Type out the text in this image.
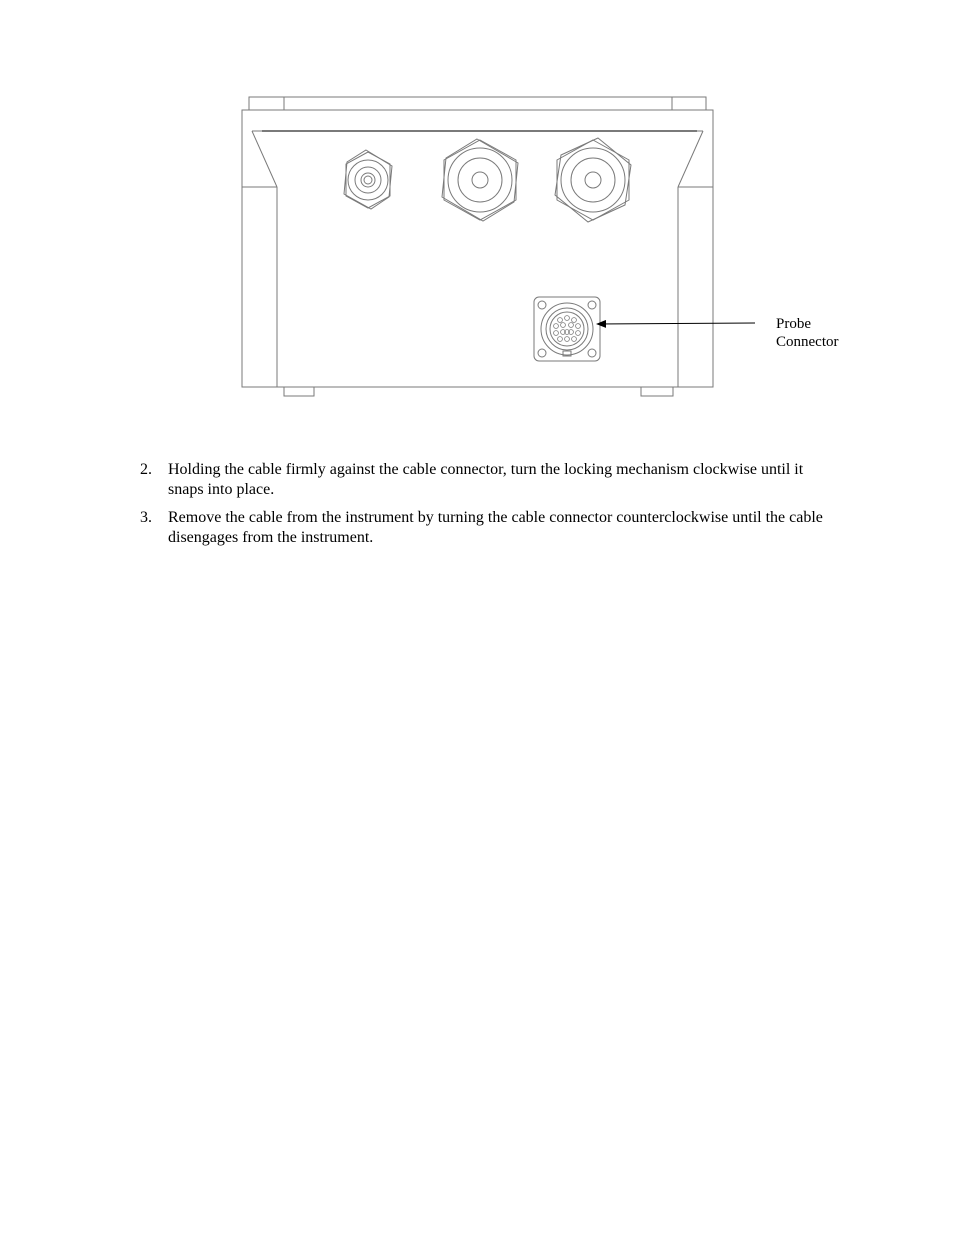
Probe
Connector
2. Holding the cable firmly against the cable connector, turn the locking mechanism clockwise until it snaps into place.
3. Remove the cable from the instrument by turning the cable connector counterclockwise until the cable disengages from the instrument.
